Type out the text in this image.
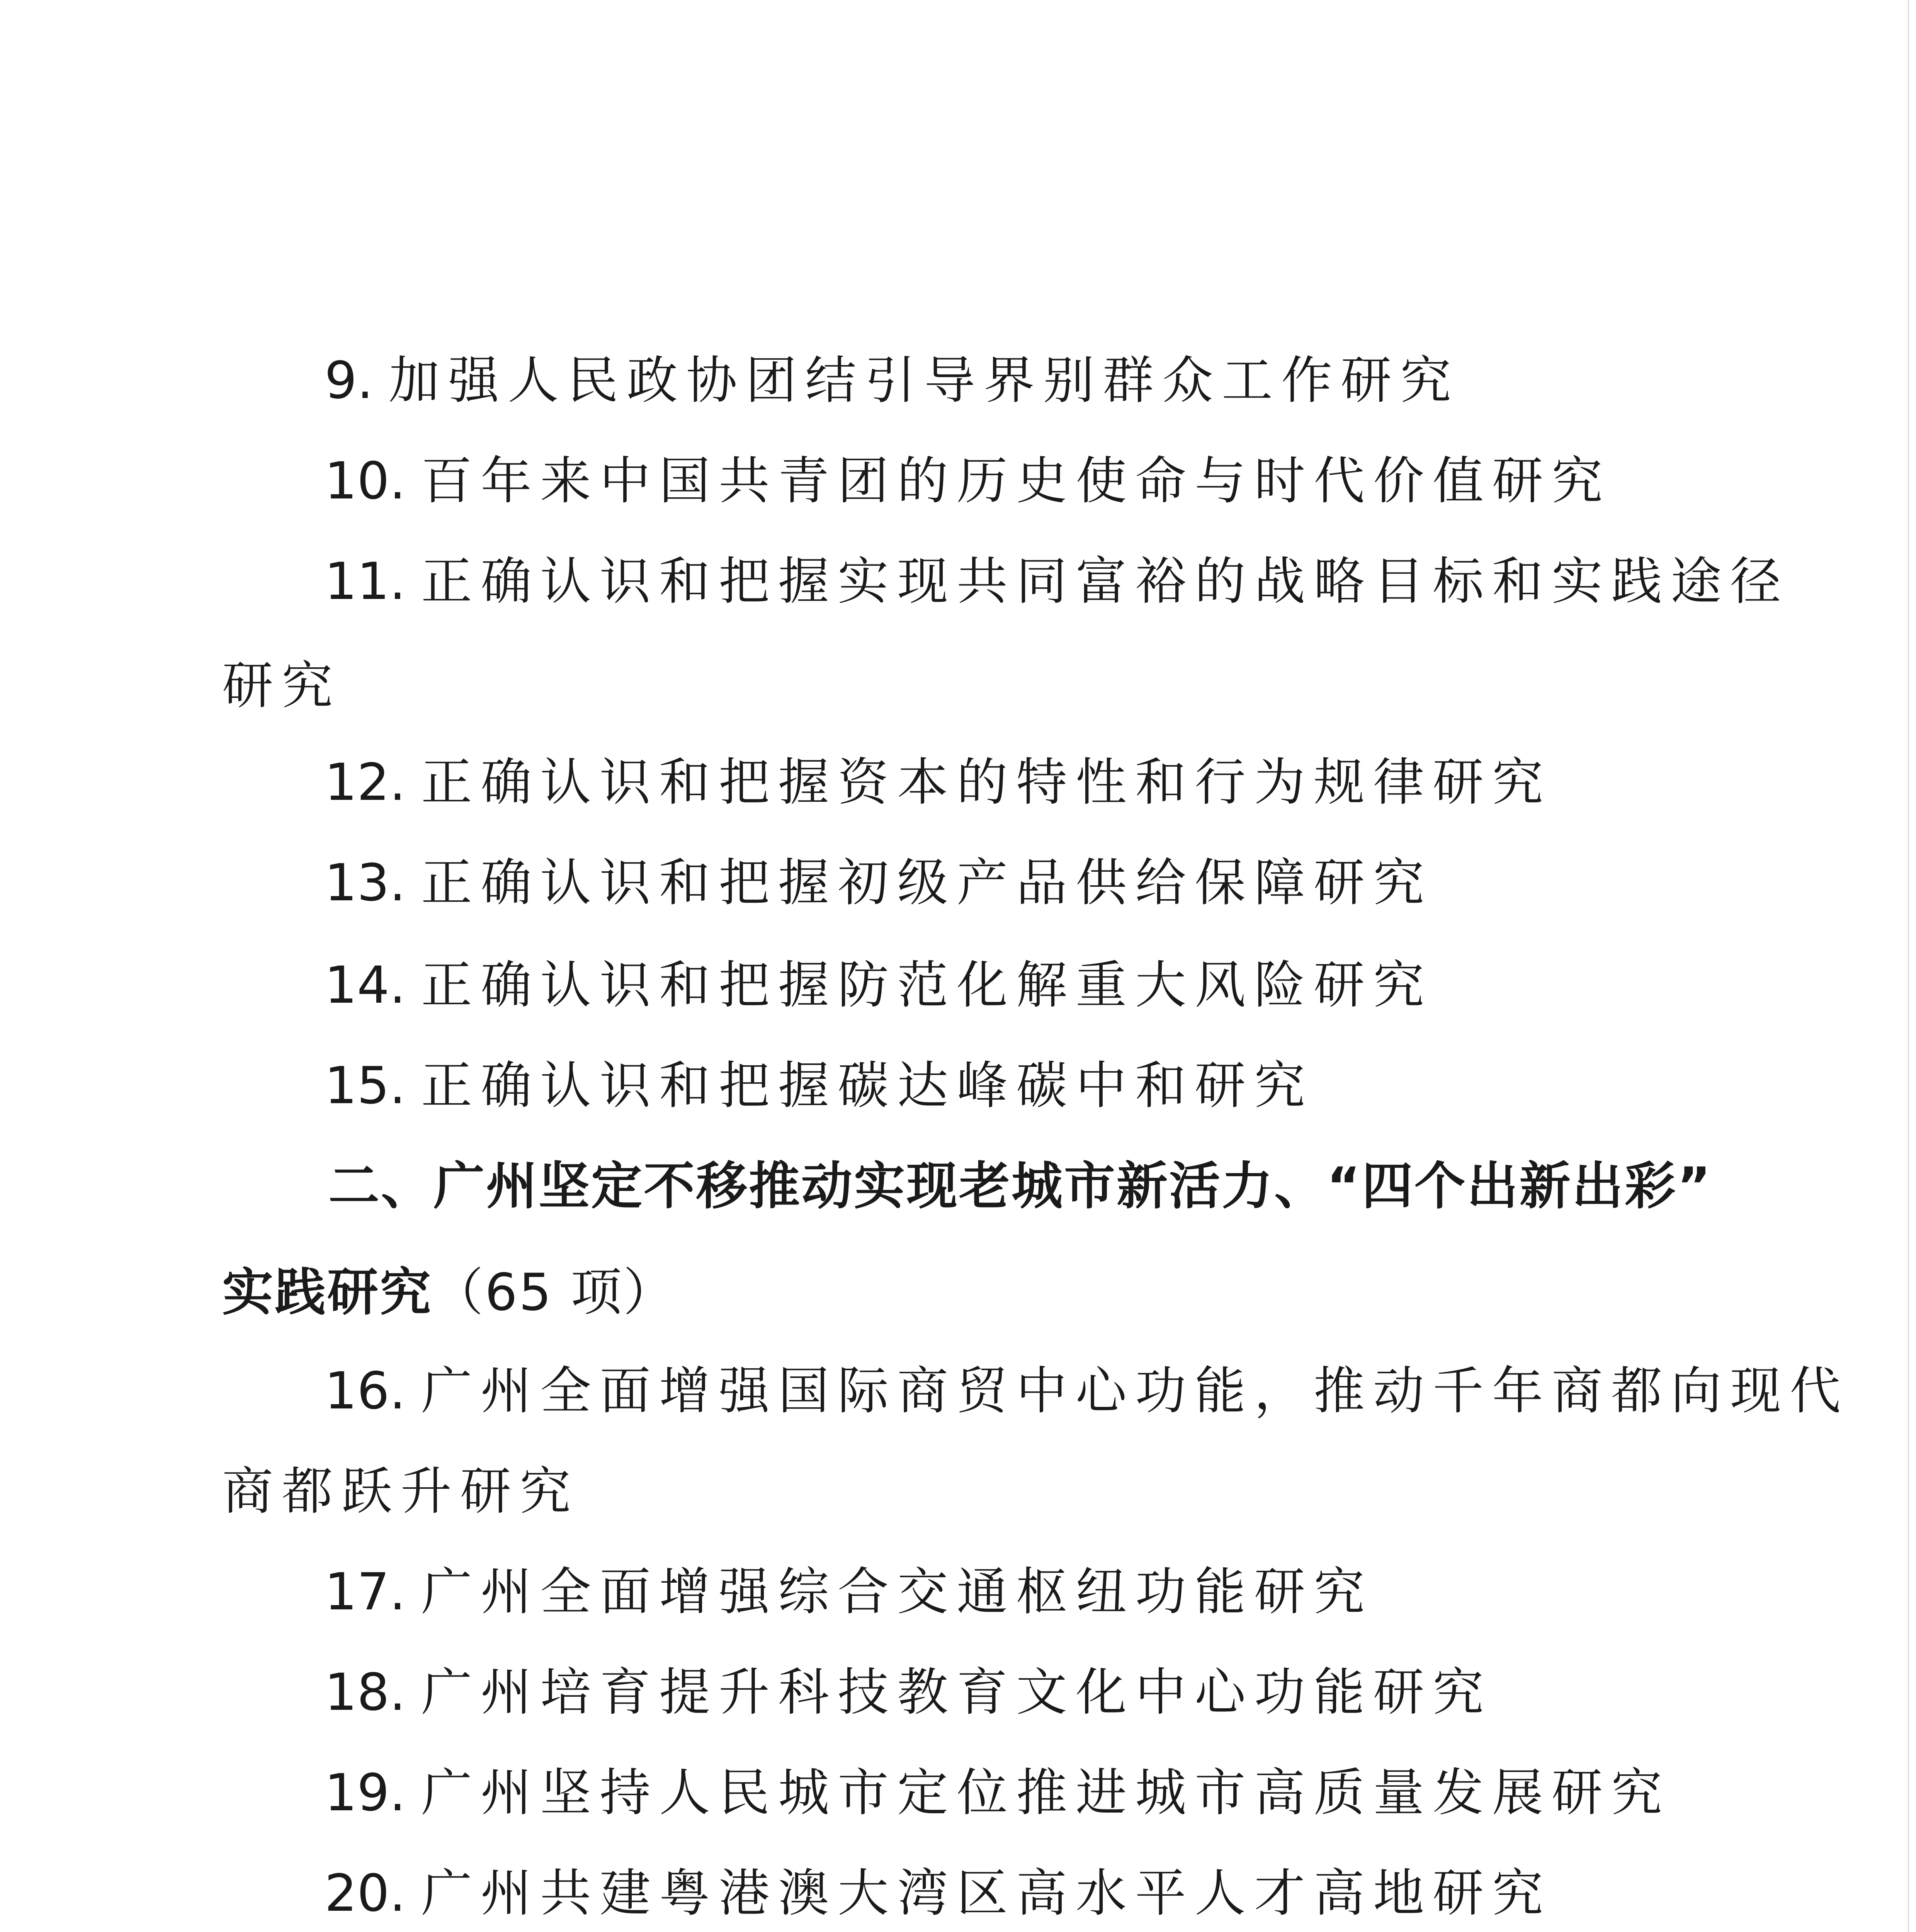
9. 加强人民政协团结引导界别群众工作研究
10. 百年来中国共青团的历史使命与时代价值研究
11. 正确认识和把握实现共同富裕的战略目标和实践途径
研究
12. 正确认识和把握资本的特性和行为规律研究
13. 正确认识和把握初级产品供给保障研究
14. 正确认识和把握防范化解重大风险研究
15. 正确认识和把握碳达峰碳中和研究
二、广州坚定不移推动实现老城市新活力、“四个出新出彩”
实践研究（65 项）
16. 广州全面增强国际商贸中心功能，推动千年商都向现代
商都跃升研究
17. 广州全面增强综合交通枢纽功能研究
18. 广州培育提升科技教育文化中心功能研究
19. 广州坚持人民城市定位推进城市高质量发展研究
20. 广州共建粤港澳大湾区高水平人才高地研究
